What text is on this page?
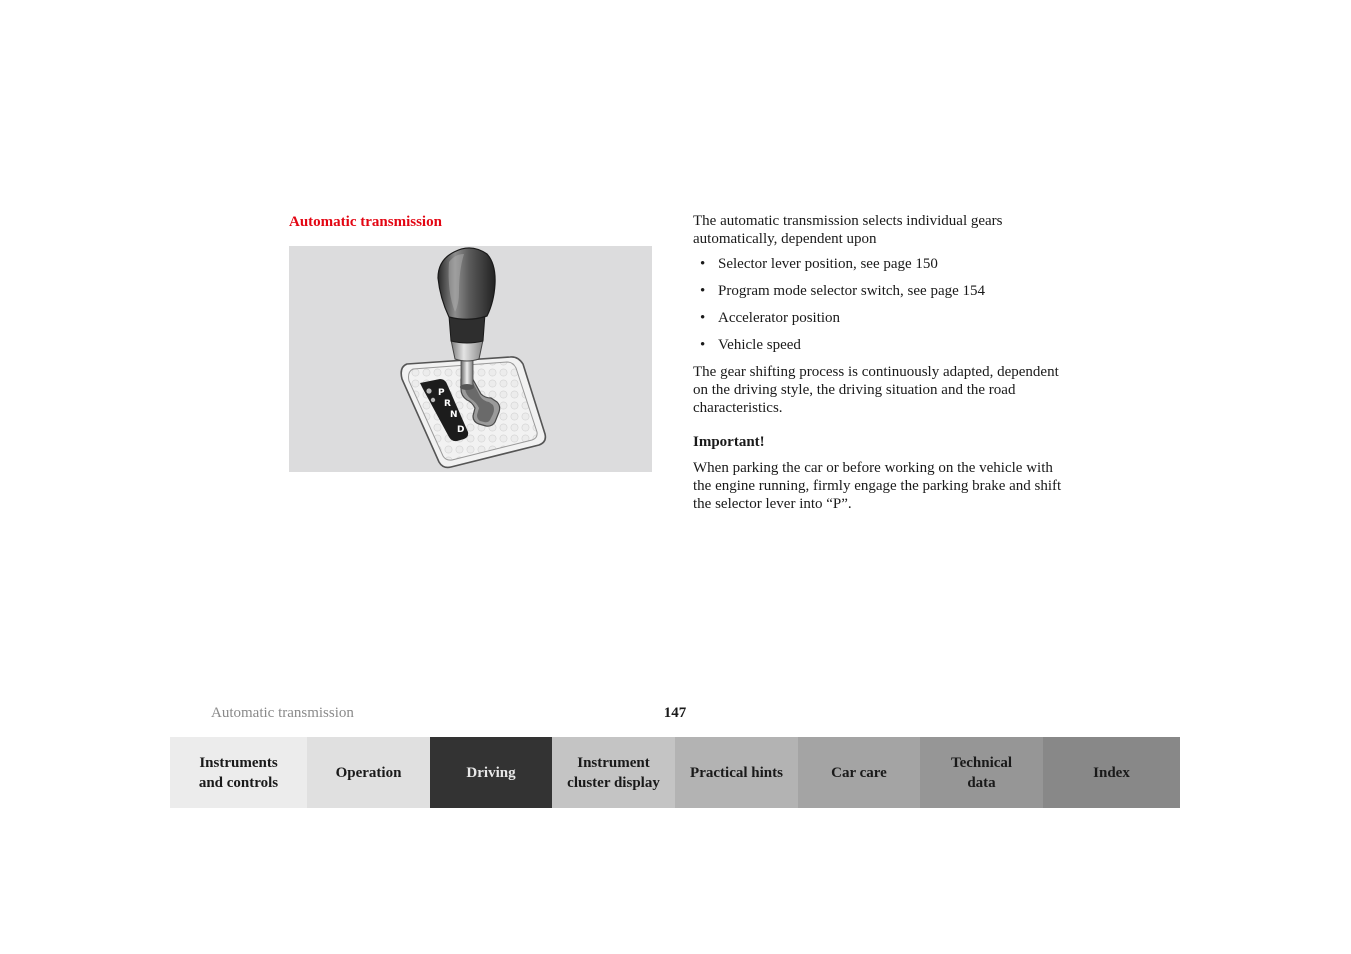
Automatic transmission
P
R
N
D

The automatic transmission selects individual gears automatically, dependent upon

• Selector lever position, see page 150
• Program mode selector switch, see page 154
• Accelerator position
• Vehicle speed

The gear shifting process is continuously adapted, dependent on the driving style, the driving situation and the road characteristics.

Important!

When parking the car or before working on the vehicle with the engine running, firmly engage the parking brake and shift the selector lever into “P”.

Automatic transmission	147
Instruments
and controls
Operation	Driving
Instrument
cluster display
Practical hints	Car care
Technical
data
Index
